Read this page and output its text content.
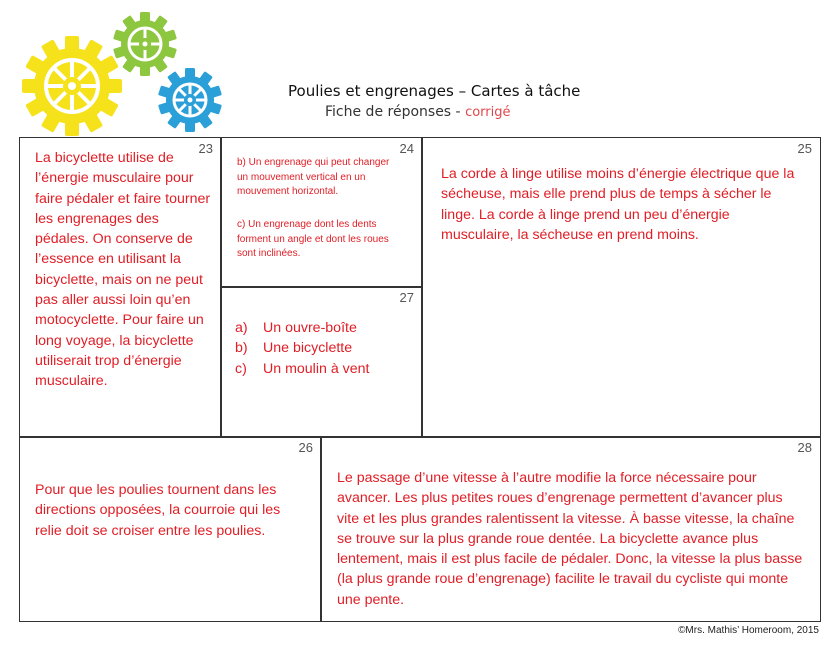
Poulies et engrenages – Cartes à tâche
Fiche de réponses - corrigé
23
La bicyclette utilise de l’énergie musculaire pour faire pédaler et faire tourner les engrenages des pédales. On conserve de l’essence en utilisant la bicyclette, mais on ne peut pas aller aussi loin qu’en motocyclette. Pour faire un long voyage, la bicyclette utiliserait trop d’énergie musculaire.
24
b) Un engrenage qui peut changer un mouvement vertical en un mouvement horizontal.
c) Un engrenage dont les dents forment un angle et dont les roues sont inclinées.
25
La corde à linge utilise moins d’énergie électrique que la sécheuse, mais elle prend plus de temps à sécher le linge. La corde à linge prend un peu d’énergie musculaire, la sécheuse en prend moins.
27
a)	Un ouvre-boîte
b)	Une bicyclette
c)	Un moulin à vent
26
Pour que les poulies tournent dans les directions opposées, la courroie qui les relie doit se croiser entre les poulies.
28
Le passage d’une vitesse à l’autre modifie la force nécessaire pour avancer. Les plus petites roues d’engrenage permettent d’avancer plus vite et les plus grandes ralentissent la vitesse. À basse vitesse, la chaîne se trouve sur la plus grande roue dentée. La bicyclette avance plus lentement, mais il est plus facile de pédaler. Donc, la vitesse la plus basse (la plus grande roue d’engrenage) facilite le travail du cycliste qui monte une pente.
©Mrs. Mathis’ Homeroom, 2015
